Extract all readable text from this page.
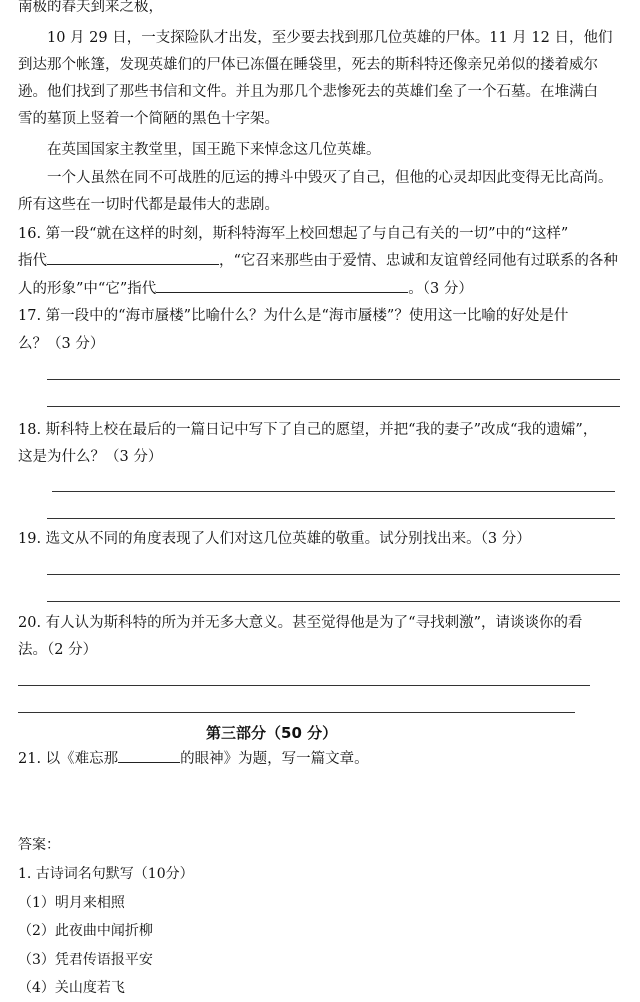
南极的春天到来之极，
10 月 29 日，一支探险队才出发，至少要去找到那几位英雄的尸体。11 月 12 日，他们
到达那个帐篷，发现英雄们的尸体已冻僵在睡袋里，死去的斯科特还像亲兄弟似的搂着威尔
逊。他们找到了那些书信和文件。并且为那几个悲惨死去的英雄们垒了一个石墓。在堆满白
雪的墓顶上竖着一个简陋的黑色十字架。
在英国国家主教堂里，国王跪下来悼念这几位英雄。
一个人虽然在同不可战胜的厄运的搏斗中毁灭了自己，但他的心灵却因此变得无比高尚。
所有这些在一切时代都是最伟大的悲剧。
16. 第一段“就在这样的时刻，斯科特海军上校回想起了与自己有关的一切”中的“这样”
指代	，“它召来那些由于爱情、忠诚和友谊曾经同他有过联系的各种
人的形象”中“它”指代	。（3 分）
17. 第一段中的“海市蜃楼”比喻什么？为什么是“海市蜃楼”？使用这一比喻的好处是什
么？（3 分）
18. 斯科特上校在最后的一篇日记中写下了自己的愿望，并把“我的妻子”改成“我的遗孀”，
这是为什么？（3 分）
19. 选文从不同的角度表现了人们对这几位英雄的敬重。试分别找出来。（3 分）
20. 有人认为斯科特的所为并无多大意义。甚至觉得他是为了“寻找刺激”，请谈谈你的看
法。（2 分）
第三部分（50 分）
21. 以《难忘那	的眼神》为题，写一篇文章。
答案：
1. 古诗词名句默写（10分）
（1）明月来相照
（2）此夜曲中闻折柳
（3）凭君传语报平安
（4）关山度若飞
